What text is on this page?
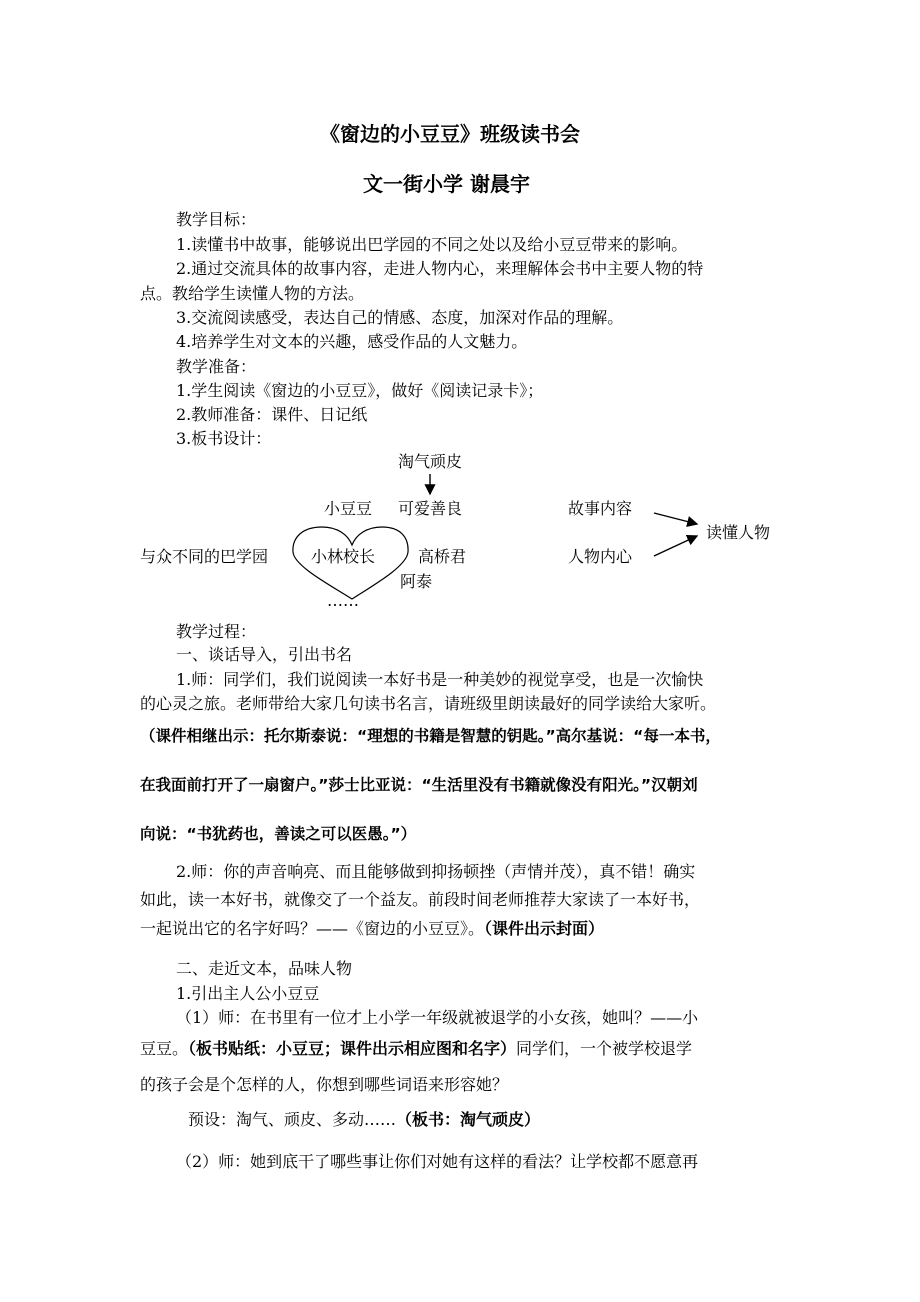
《窗边的小豆豆》班级读书会
文一街小学 谢晨宇
教学目标：
1.读懂书中故事，能够说出巴学园的不同之处以及给小豆豆带来的影响。
2.通过交流具体的故事内容，走进人物内心，来理解体会书中主要人物的特
点。教给学生读懂人物的方法。
3.交流阅读感受，表达自己的情感、态度，加深对作品的理解。
4.培养学生对文本的兴趣，感受作品的人文魅力。
教学准备：
1.学生阅读《窗边的小豆豆》，做好《阅读记录卡》；
2.教师准备：课件、日记纸
3.板书设计：
淘气顽皮
小豆豆 可爱善良
与众不同的巴学园	小林校长	高桥君
阿泰
……
故事内容
人物内心
读懂人物
教学过程：
一、谈话导入，引出书名
1.师：同学们，我们说阅读一本好书是一种美妙的视觉享受，也是一次愉快
的心灵之旅。老师带给大家几句读书名言，请班级里朗读最好的同学读给大家听。
（课件相继出示：托尔斯泰说：“理想的书籍是智慧的钥匙。”高尔基说：“每一本书，
在我面前打开了一扇窗户。”莎士比亚说：“生活里没有书籍就像没有阳光。”汉朝刘
向说：“书犹药也，善读之可以医愚。”）
2.师：你的声音响亮、而且能够做到抑扬顿挫（声情并茂），真不错！确实
如此，读一本好书，就像交了一个益友。前段时间老师推荐大家读了一本好书，
一起说出它的名字好吗？——《窗边的小豆豆》。（课件出示封面）
二、走近文本，品味人物
1.引出主人公小豆豆
（1）师：在书里有一位才上小学一年级就被退学的小女孩，她叫？——小
豆豆。（板书贴纸：小豆豆；课件出示相应图和名字）同学们，一个被学校退学
的孩子会是个怎样的人，你想到哪些词语来形容她？
预设：淘气、顽皮、多动……（板书：淘气顽皮）
（2）师：她到底干了哪些事让你们对她有这样的看法？让学校都不愿意再
